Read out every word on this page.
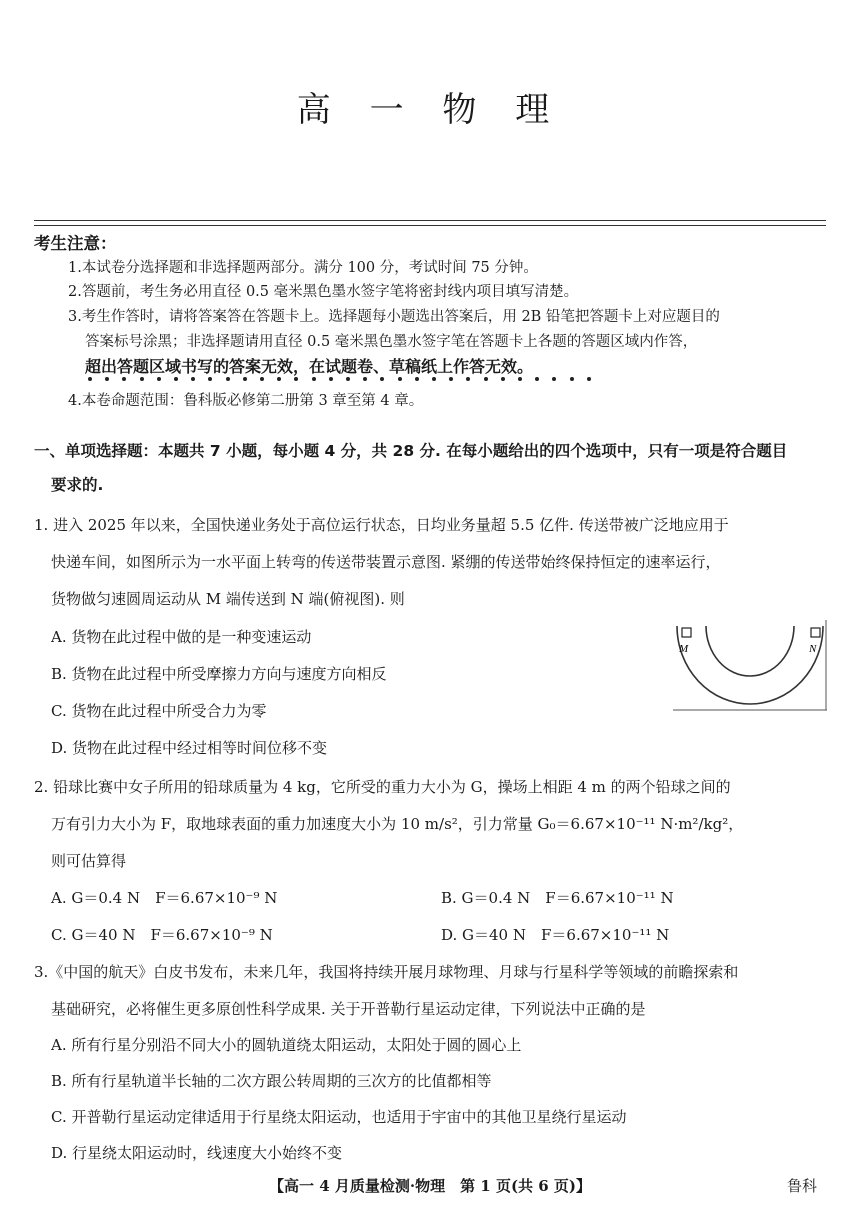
高 一 物 理
考生注意：
1.本试卷分选择题和非选择题两部分。满分 100 分，考试时间 75 分钟。
2.答题前，考生务必用直径 0.5 毫米黑色墨水签字笔将密封线内项目填写清楚。
3.考生作答时，请将答案答在答题卡上。选择题每小题选出答案后，用 2B 铅笔把答题卡上对应题目的
答案标号涂黑；非选择题请用直径 0.5 毫米黑色墨水签字笔在答题卡上各题的答题区域内作答，
超出答题区域书写的答案无效，在试题卷、草稿纸上作答无效。
4.本卷命题范围：鲁科版必修第二册第 3 章至第 4 章。
一、单项选择题：本题共 7 小题，每小题 4 分，共 28 分. 在每小题给出的四个选项中，只有一项是符合题目
要求的.
1. 进入 2025 年以来，全国快递业务处于高位运行状态，日均业务量超 5.5 亿件. 传送带被广泛地应用于
快递车间，如图所示为一水平面上转弯的传送带装置示意图. 紧绷的传送带始终保持恒定的速率运行，
货物做匀速圆周运动从 M 端传送到 N 端(俯视图). 则
A. 货物在此过程中做的是一种变速运动
B. 货物在此过程中所受摩擦力方向与速度方向相反
C. 货物在此过程中所受合力为零
D. 货物在此过程中经过相等时间位移不变
M	N
2. 铅球比赛中女子所用的铅球质量为 4 kg，它所受的重力大小为 G，操场上相距 4 m 的两个铅球之间的
万有引力大小为 F，取地球表面的重力加速度大小为 10 m/s²，引力常量 G₀＝6.67×10⁻¹¹ N·m²/kg²，
则可估算得
A. G＝0.4 N　F＝6.67×10⁻⁹ N	B. G＝0.4 N　F＝6.67×10⁻¹¹ N
C. G＝40 N　F＝6.67×10⁻⁹ N	D. G＝40 N　F＝6.67×10⁻¹¹ N
3.《中国的航天》白皮书发布，未来几年，我国将持续开展月球物理、月球与行星科学等领域的前瞻探索和
基础研究，必将催生更多原创性科学成果. 关于开普勒行星运动定律，下列说法中正确的是
A. 所有行星分别沿不同大小的圆轨道绕太阳运动，太阳处于圆的圆心上
B. 所有行星轨道半长轴的二次方跟公转周期的三次方的比值都相等
C. 开普勒行星运动定律适用于行星绕太阳运动，也适用于宇宙中的其他卫星绕行星运动
D. 行星绕太阳运动时，线速度大小始终不变
【高一 4 月质量检测·物理　第 1 页(共 6 页)】	鲁科
